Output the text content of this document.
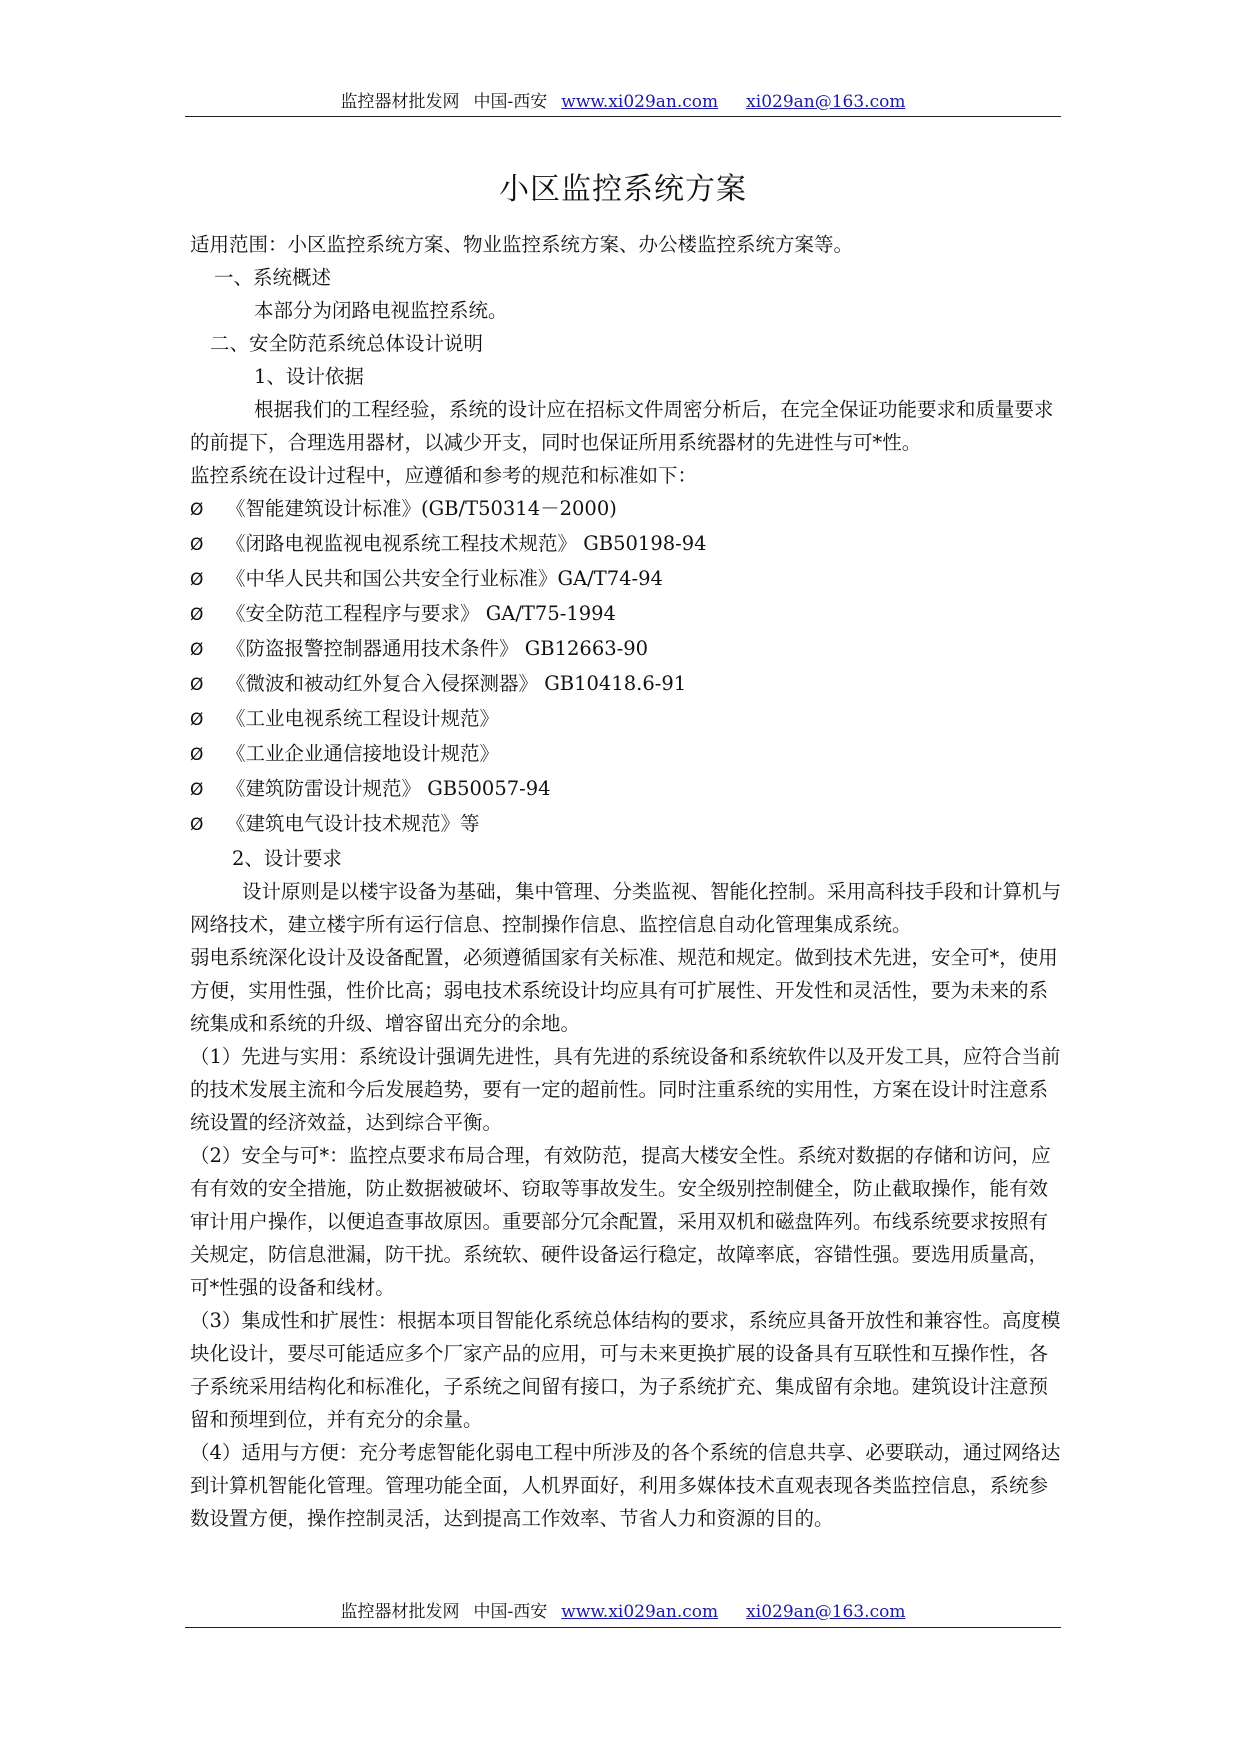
监控器材批发网 中国-西安 www.xi029an.com xi029an@163.com
小区监控系统方案

适用范围：小区监控系统方案、物业监控系统方案、办公楼监控系统方案等。

一、系统概述

本部分为闭路电视监控系统。

二、安全防范系统总体设计说明

1、设计依据

根据我们的工程经验，系统的设计应在招标文件周密分析后，在完全保证功能要求和质量要求的前提下，合理选用器材，以减少开支，同时也保证所用系统器材的先进性与可*性。

监控系统在设计过程中，应遵循和参考的规范和标准如下：

Ø 《智能建筑设计标准》(GB/T50314－2000)

Ø 《闭路电视监视电视系统工程技术规范》 GB50198-94

Ø 《中华人民共和国公共安全行业标准》GA/T74-94

Ø 《安全防范工程程序与要求》 GA/T75-1994

Ø 《防盗报警控制器通用技术条件》 GB12663-90

Ø 《微波和被动红外复合入侵探测器》 GB10418.6-91

Ø 《工业电视系统工程设计规范》

Ø 《工业企业通信接地设计规范》

Ø 《建筑防雷设计规范》 GB50057-94

Ø 《建筑电气设计技术规范》等

2、设计要求

设计原则是以楼宇设备为基础，集中管理、分类监视、智能化控制。采用高科技手段和计算机与网络技术，建立楼宇所有运行信息、控制操作信息、监控信息自动化管理集成系统。

弱电系统深化设计及设备配置，必须遵循国家有关标准、规范和规定。做到技术先进，安全可*，使用方便，实用性强，性价比高；弱电技术系统设计均应具有可扩展性、开发性和灵活性，要为未来的系统集成和系统的升级、增容留出充分的余地。

（1）先进与实用：系统设计强调先进性，具有先进的系统设备和系统软件以及开发工具，应符合当前的技术发展主流和今后发展趋势，要有一定的超前性。同时注重系统的实用性，方案在设计时注意系统设置的经济效益，达到综合平衡。

（2）安全与可*：监控点要求布局合理，有效防范，提高大楼安全性。系统对数据的存储和访问，应有有效的安全措施，防止数据被破坏、窃取等事故发生。安全级别控制健全，防止截取操作，能有效审计用户操作，以便追查事故原因。重要部分冗余配置，采用双机和磁盘阵列。布线系统要求按照有关规定，防信息泄漏，防干扰。系统软、硬件设备运行稳定，故障率底，容错性强。要选用质量高，可*性强的设备和线材。

（3）集成性和扩展性：根据本项目智能化系统总体结构的要求，系统应具备开放性和兼容性。高度模块化设计，要尽可能适应多个厂家产品的应用，可与未来更换扩展的设备具有互联性和互操作性，各子系统采用结构化和标准化，子系统之间留有接口，为子系统扩充、集成留有余地。建筑设计注意预留和预埋到位，并有充分的余量。

（4）适用与方便：充分考虑智能化弱电工程中所涉及的各个系统的信息共享、必要联动，通过网络达到计算机智能化管理。管理功能全面，人机界面好，利用多媒体技术直观表现各类监控信息，系统参数设置方便，操作控制灵活，达到提高工作效率、节省人力和资源的目的。

监控器材批发网 中国-西安 www.xi029an.com xi029an@163.com
